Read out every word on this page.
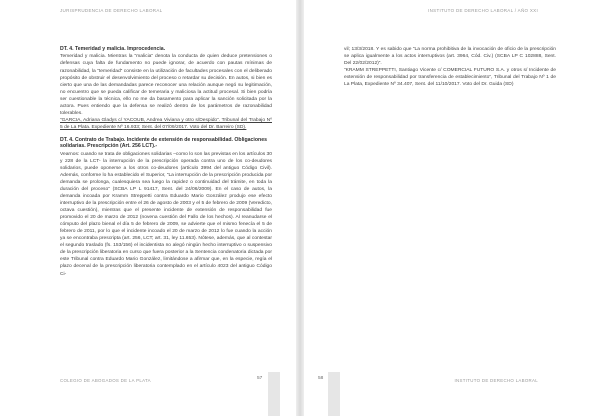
JURISPRUDENCIA DE DERECHO LABORAL

DT. 4. Temeridad y malicia. Improcedencia.

Temeridad y malicia. Mientras la “malicia” denota la conducta de quien deduce pretensiones o defensas cuya falta de fundamento no puede ignorar, de acuerdo con pautas mínimas de razonabilidad, la “temeridad” consiste en la utilización de facultades procesales con el deliberado propósito de obstruir el desenvolvimiento del proceso o retardar su decisión. En autos, si bien es cierto que una de las demandadas parece reconocer una relación aunque negó su legitimación, no encuentro que se pueda calificar de temeraria y maliciosa la actitud procesal. Si bien podría ser cuestionable la técnica, ello no me da basamento para aplicar la sanción solicitada por la actora. Pues entiendo que la defensa se realizó dentro de los parámetros de razonabilidad tolerables.

“GARCIA, Adriana Gladys c/ YACOUB, Andrea Viviana y otro s/Despido”. Tribunal del Trabajo Nº 5 de La Plata. Expediente Nº 16.933; Sent. del 07/09/2017. Voto del Dr. Barreiro (SD).

DT. 4. Contrato de Trabajo. Incidente de extensión de responsabilidad. Obligaciones solidarias. Prescripción (Art. 256 LCT).-

Vearnos: cuando se trata de obligaciones solidarias –como lo son las previstas en los artículos 30 y 228 de la LCT- la interrupción de la prescripción operada contra uno de los co-deudores solidarios, puede oponerse a los otros co-deudores (artículo 3994 del antiguo Código Civil). Además, conforme lo ha establecido el Superior, “La interrupción de la prescripción producida por demanda se prolonga, cualesquiera sea luego la rapidez o continuidad del trámite, en toda la duración del proceso” (SCBA LP L 91417, Sent. del 24/06/2009). En el caso de autos, la demanda incoada por Kramm Streppetti contra Eduardo Mario González produjo ese efecto interruptivo de la prescripción entre el 26 de agosto de 2003 y el 5 de febrero de 2009 (Veredicto, octava cuestión), mientras que el presente incidente de extensión de responsabilidad fue promovido el 20 de marzo de 2012 (novena cuestión del Fallo de los hechos). Al reanudarse el cómputo del plazo bienal el día 5 de febrero de 2009, se advierte que el mismo fenecía el 5 de febrero de 2011, por lo que el incidente incoado el 20 de marzo de 2012 lo fue cuando la acción ya se encontraba prescripta (art. 256, LCT; art. 31, ley 11.653). Nótese, además, que al contestar el segundo traslado (fs. 153/156) el incidentista no alegó ningún hecho interruptivo o suspensivo de la prescripción liberatoria en curso que fuera posterior a la Sentencia condenatoria dictada por este Tribunal contra Eduardo Mario González, limitándose a afirmar que, en la especie, regía el plazo decenal de la prescripción liberatoria contemplado en el artículo 4023 del antiguo Código Ci-

COLEGIO DE ABOGADOS DE LA PLATA	57
INSTITUTO DE DERECHO LABORAL / AÑO XXI

vil; 13/3/2018. Y es sabido que “La norma prohibitiva de la invocación de oficio de la prescripción se aplica igualmente a los actos interruptivos (art. 3964, Cód. Civ.) (SCBA LP C 102888, Sent. Del 22/02/2012)”.

“KRAMM STREPPETTI, Santiago Vicente c/ COMERCIAL FUTURO S.A. y otros s/ Incidente de extensión de responsabilidad por transferencia de establecimiento”, Tribunal del Trabajo Nº 1 de La Plata, Expediente Nº 34.407, Sent. del 11/10/2017. Voto del Dr. Guida (SD)

INSTITUTO DE DERECHO LABORAL
58
